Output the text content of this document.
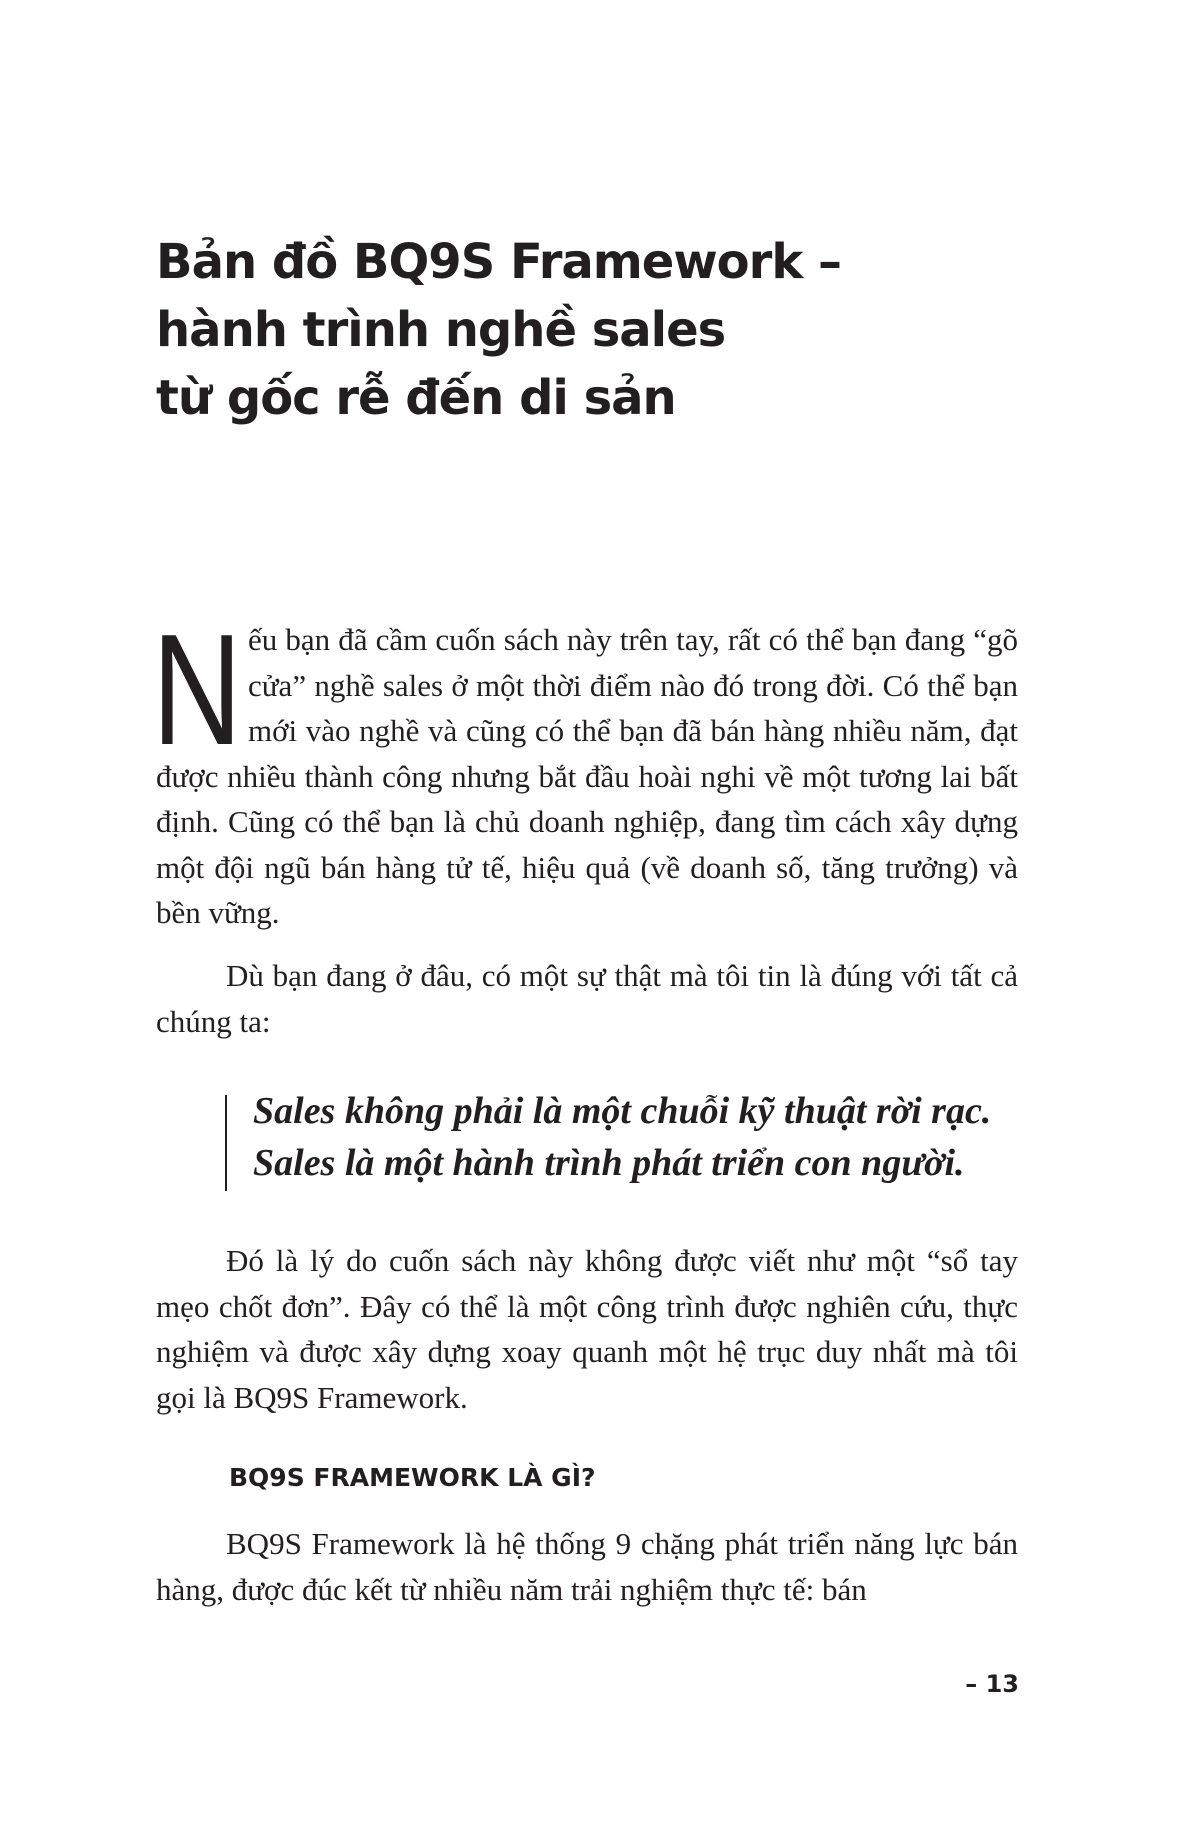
Bản đồ BQ9S Framework –
hành trình nghề sales
từ gốc rễ đến di sản
N ếu bạn đã cầm cuốn sách này trên tay, rất có thể bạn đang “gõ cửa” nghề sales ở một thời điểm nào đó trong đời. Có thể bạn mới vào nghề và cũng có thể bạn đã bán hàng nhiều năm, đạt được nhiều thành công nhưng bắt đầu hoài nghi về một tương lai bất định. Cũng có thể bạn là chủ doanh nghiệp, đang tìm cách xây dựng một đội ngũ bán hàng tử tế, hiệu quả (về doanh số, tăng trưởng) và bền vững.

Dù bạn đang ở đâu, có một sự thật mà tôi tin là đúng với tất cả chúng ta:

Sales không phải là một chuỗi kỹ thuật rời rạc.
Sales là một hành trình phát triển con người.

Đó là lý do cuốn sách này không được viết như một “sổ tay mẹo chốt đơn”. Đây có thể là một công trình được nghiên cứu, thực nghiệm và được xây dựng xoay quanh một hệ trục duy nhất mà tôi gọi là BQ9S Framework.

BQ9S FRAMEWORK LÀ GÌ?

BQ9S Framework là hệ thống 9 chặng phát triển năng lực bán hàng, được đúc kết từ nhiều năm trải nghiệm thực tế: bán

– 13
